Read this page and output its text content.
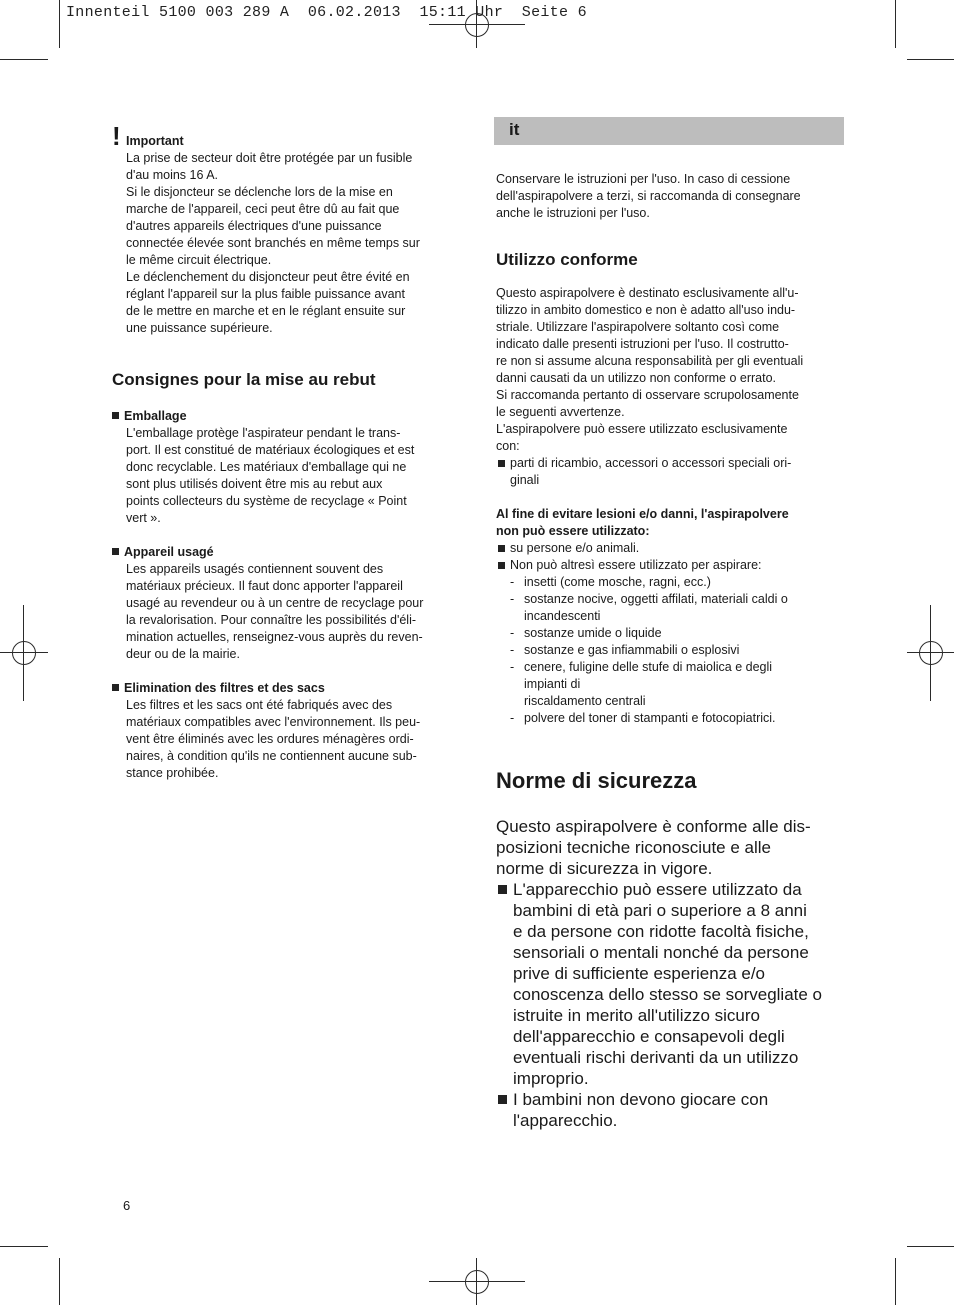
Innenteil 5100 003 289 A  06.02.2013  15:11 Uhr  Seite 6

! Important

La prise de secteur doit être protégée par un fusible

d'au moins 16 A.

Si le disjoncteur se déclenche lors de la mise en

marche de l'appareil, ceci peut être dû au fait que

d'autres appareils électriques d'une puissance

connectée élevée sont branchés en même temps sur

le même circuit électrique.

Le déclenchement du disjoncteur peut être évité en

réglant l'appareil sur la plus faible puissance avant

de le mettre en marche et en le réglant ensuite sur

une puissance supérieure.

Consignes pour la mise au rebut

Emballage

L'emballage protège l'aspirateur pendant le trans-

port. Il est constitué de matériaux écologiques et est

donc recyclable. Les matériaux d'emballage qui ne

sont plus utilisés doivent être mis au rebut aux

points collecteurs du système de recyclage « Point

vert ».

Appareil usagé

Les appareils usagés contiennent souvent des

matériaux précieux. Il faut donc apporter l'appareil

usagé au revendeur ou à un centre de recyclage pour

la revalorisation. Pour connaître les possibilités d'éli-

mination actuelles, renseignez-vous auprès du reven-

deur ou de la mairie.

Elimination des filtres et des sacs

Les filtres et les sacs ont été fabriqués avec des

matériaux compatibles avec l'environnement. Ils peu-

vent être éliminés avec les ordures ménagères ordi-

naires, à condition qu'ils ne contiennent aucune sub-

stance prohibée.

it

Conservare le istruzioni per l'uso. In caso di cessione

dell'aspirapolvere a terzi, si raccomanda di consegnare

anche le istruzioni per l'uso.

Utilizzo conforme

Questo aspirapolvere è destinato esclusivamente all'u-

tilizzo in ambito domestico e non è adatto all'uso indu-

striale. Utilizzare l'aspirapolvere soltanto così come

indicato dalle presenti istruzioni per l'uso. Il costrutto-

re non si assume alcuna responsabilità per gli eventuali

danni causati da un utilizzo non conforme o errato.

Si raccomanda pertanto di osservare scrupolosamente

le seguenti avvertenze.

L'aspirapolvere può essere utilizzato esclusivamente

con:

parti di ricambio, accessori o accessori speciali ori-

ginali

Al fine di evitare lesioni e/o danni, l'aspirapolvere

non può essere utilizzato:

su persone e/o animali.

Non può altresì essere utilizzato per aspirare:

- insetti (come mosche, ragni, ecc.)

- sostanze nocive, oggetti affilati, materiali caldi o

incandescenti

- sostanze umide o liquide

- sostanze e gas infiammabili o esplosivi

- cenere, fuligine delle stufe di maiolica e degli

impianti di

riscaldamento centrali

- polvere del toner di stampanti e fotocopiatrici.

Norme di sicurezza

Questo aspirapolvere è conforme alle dis-

posizioni tecniche riconosciute e alle

norme di sicurezza in vigore.

L'apparecchio può essere utilizzato da

bambini di età pari o superiore a 8 anni

e da persone con ridotte facoltà fisiche,

sensoriali o mentali nonché da persone

prive di sufficiente esperienza e/o

conoscenza dello stesso se sorvegliate o

istruite in merito all'utilizzo sicuro

dell'apparecchio e consapevoli degli

eventuali rischi derivanti da un utilizzo

improprio.

I bambini non devono giocare con

l'apparecchio.

6
